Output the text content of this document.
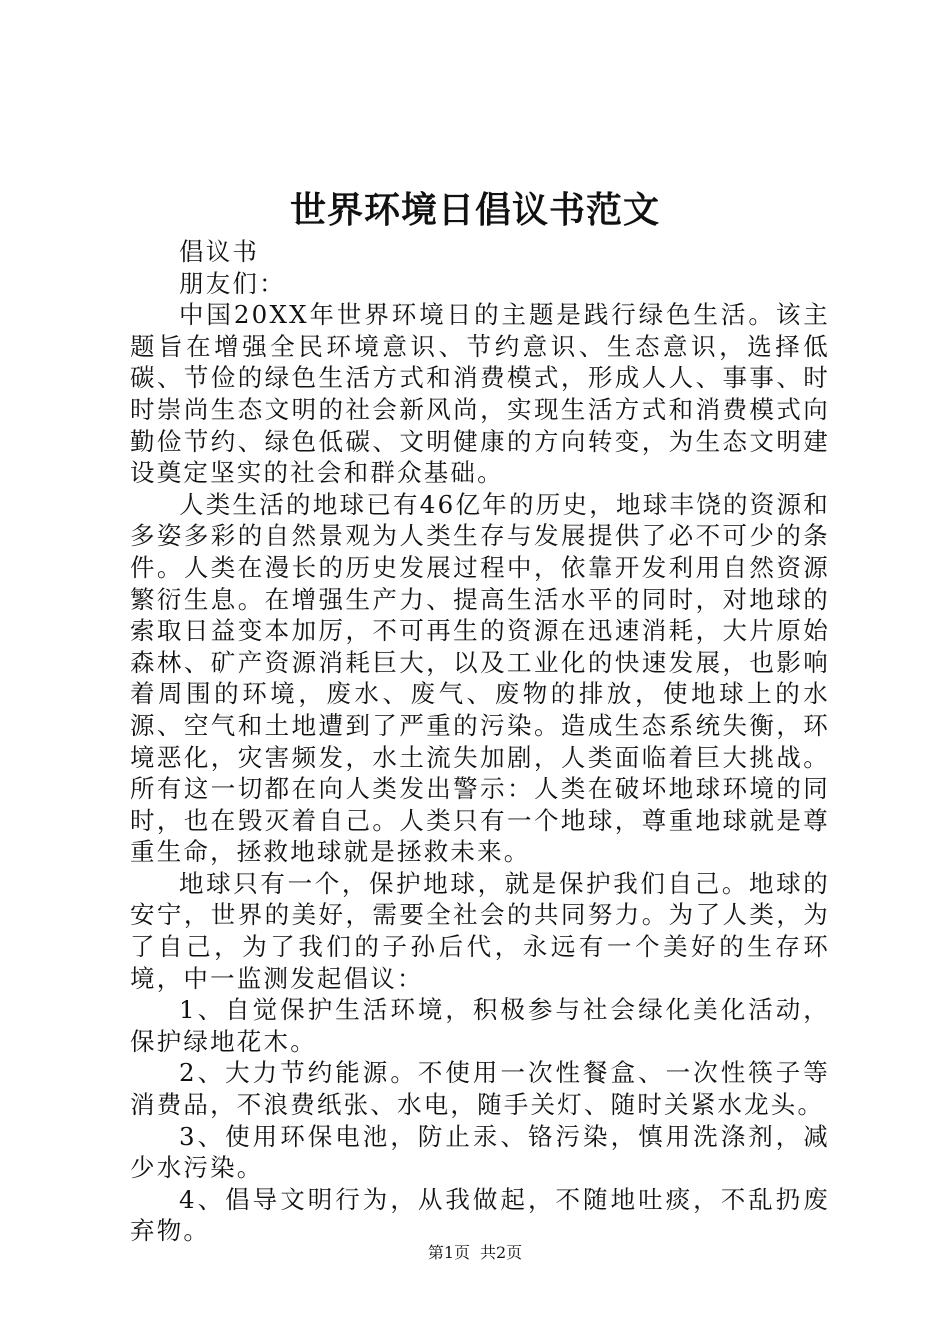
世界环境日倡议书范文

倡议书

朋友们：

中国20XX年世界环境日的主题是践行绿色生活。该主题旨在增强全民环境意识、节约意识、生态意识，选择低碳、节俭的绿色生活方式和消费模式，形成人人、事事、时时崇尚生态文明的社会新风尚，实现生活方式和消费模式向勤俭节约、绿色低碳、文明健康的方向转变，为生态文明建设奠定坚实的社会和群众基础。

人类生活的地球已有46亿年的历史，地球丰饶的资源和多姿多彩的自然景观为人类生存与发展提供了必不可少的条件。人类在漫长的历史发展过程中，依靠开发利用自然资源繁衍生息。在增强生产力、提高生活水平的同时，对地球的索取日益变本加厉，不可再生的资源在迅速消耗，大片原始森林、矿产资源消耗巨大，以及工业化的快速发展，也影响着周围的环境，废水、废气、废物的排放，使地球上的水源、空气和土地遭到了严重的污染。造成生态系统失衡，环境恶化，灾害频发，水土流失加剧，人类面临着巨大挑战。所有这一切都在向人类发出警示：人类在破坏地球环境的同时，也在毁灭着自己。人类只有一个地球，尊重地球就是尊重生命，拯救地球就是拯救未来。

地球只有一个，保护地球，就是保护我们自己。地球的安宁，世界的美好，需要全社会的共同努力。为了人类，为了自己，为了我们的子孙后代，永远有一个美好的生存环境，中一监测发起倡议：

1、自觉保护生活环境，积极参与社会绿化美化活动，保护绿地花木。

2、大力节约能源。不使用一次性餐盒、一次性筷子等消费品，不浪费纸张、水电，随手关灯、随时关紧水龙头。

3、使用环保电池，防止汞、铬污染，慎用洗涤剂，减少水污染。

4、倡导文明行为，从我做起，不随地吐痰，不乱扔废弃物。

第1页 共2页
